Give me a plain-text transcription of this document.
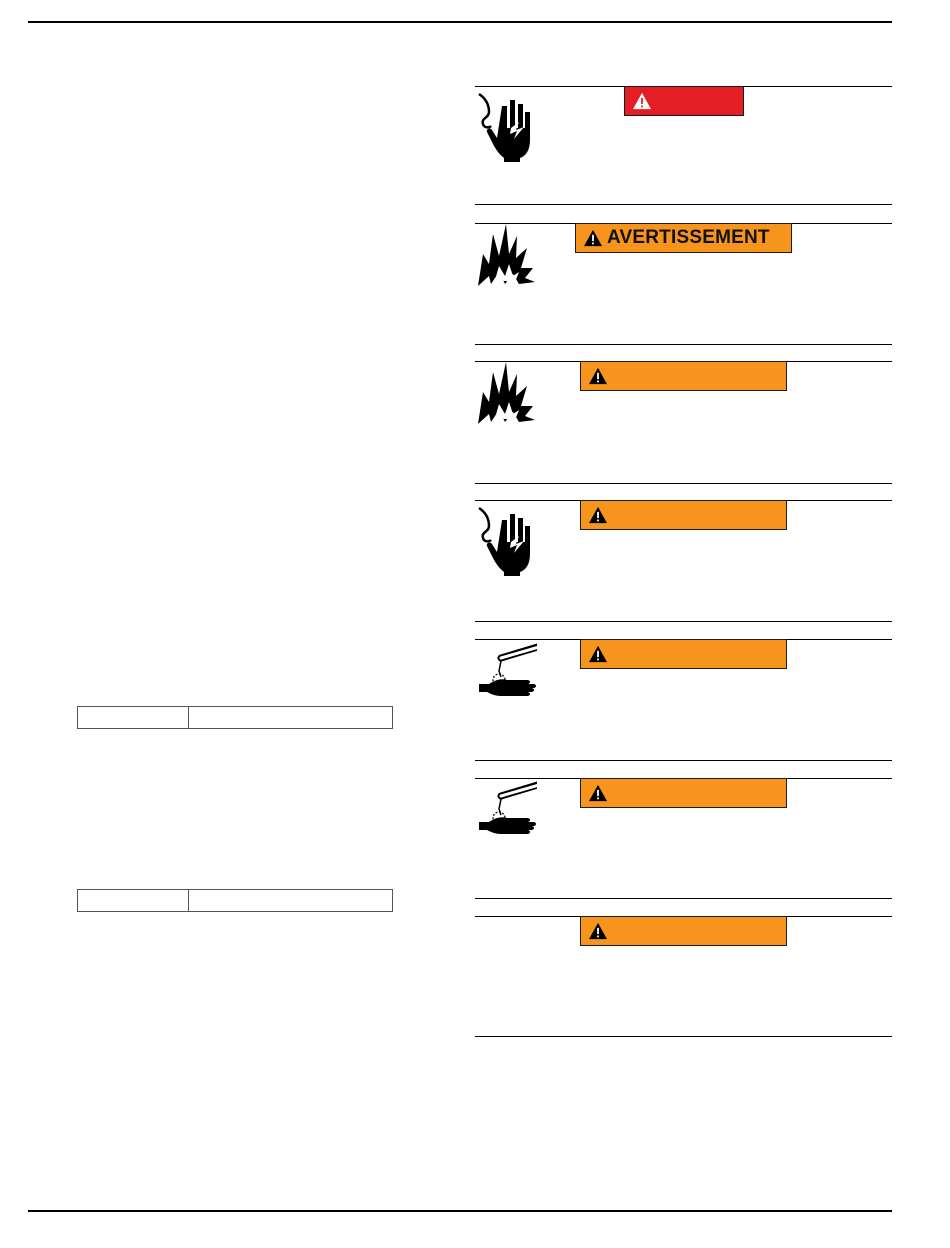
AVERTISSEMENT
